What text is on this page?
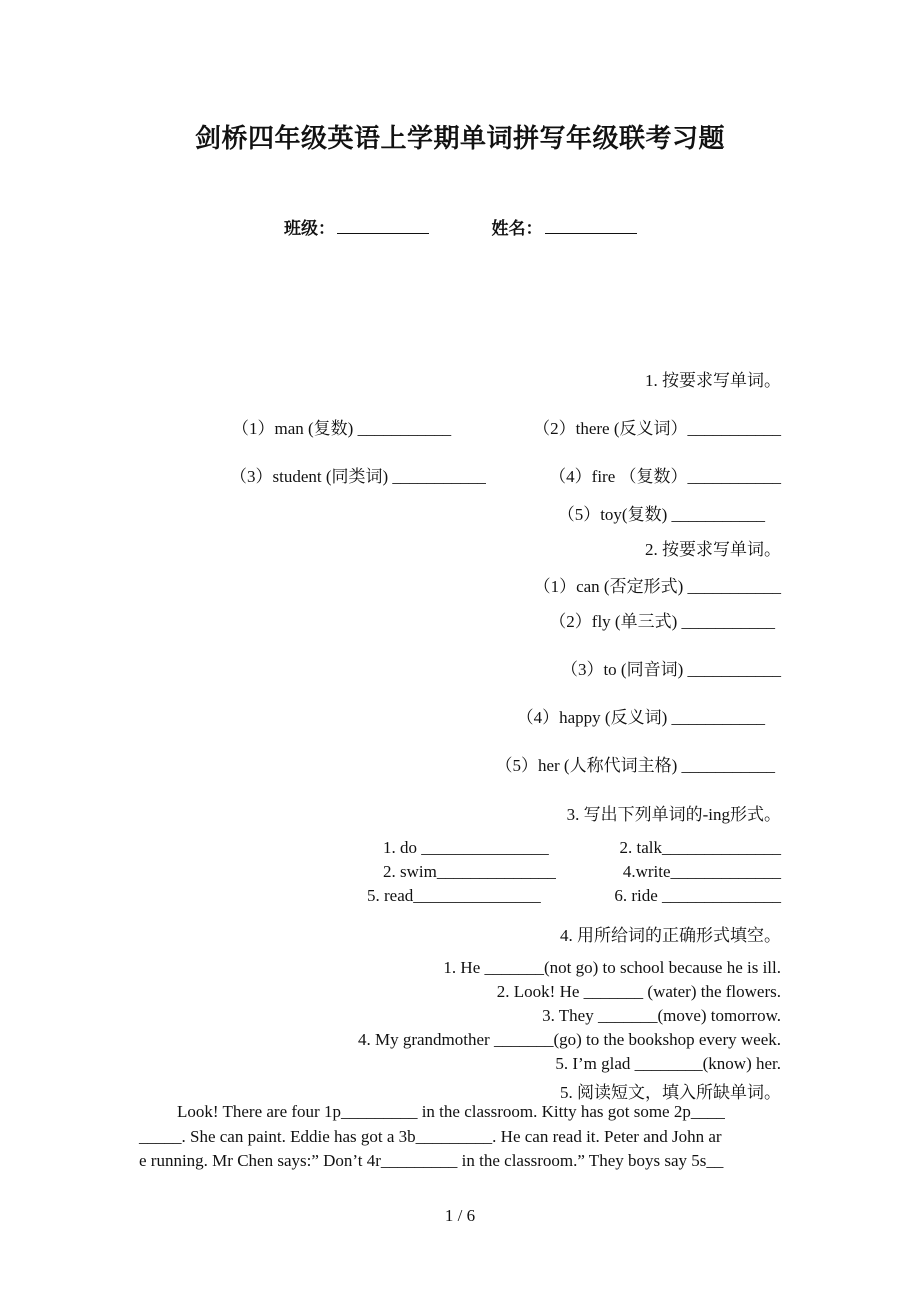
剑桥四年级英语上学期单词拼写年级联考习题
班级：	姓名：
1. 按要求写单词。
（1）man (复数) ___________	（2）there (反义词）___________
（3）student (同类词) ___________	（4）fire （复数）___________
（5）toy(复数) ___________
2. 按要求写单词。
（1）can (否定形式) ___________
（2）fly (单三式) ___________
（3）to (同音词) ___________
（4）happy (反义词) ___________
（5）her (人称代词主格) ___________
3. 写出下列单词的-ing形式。
1. do _______________	2. talk______________
2. swim______________	4.write_____________
5. read_______________	6. ride ______________
4. 用所给词的正确形式填空。
1. He _______(not go) to school because he is ill.
2. Look! He _______ (water) the flowers.
3. They _______(move) tomorrow.
4. My grandmother _______(go) to the bookshop every week.
5. I’m glad ________(know) her.
5. 阅读短文，填入所缺单词。
Look! There are four 1p_________ in the classroom. Kitty has got some 2p____
_____. She can paint. Eddie has got a 3b_________. He can read it. Peter and John ar
e running. Mr Chen says:” Don’t 4r_________ in the classroom.” They boys say 5s__
1 / 6
